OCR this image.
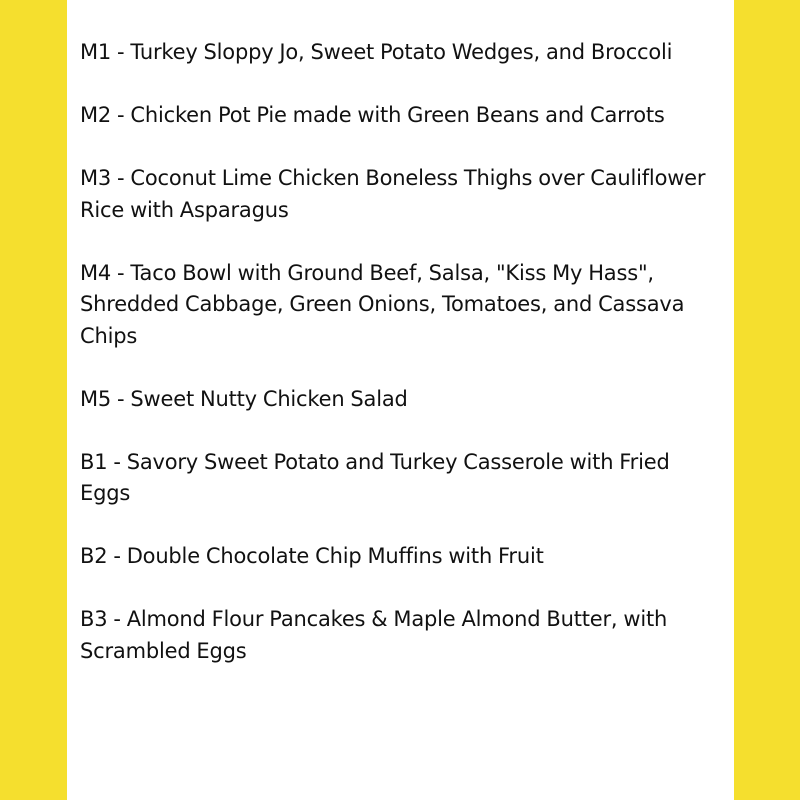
M1 - Turkey Sloppy Jo, Sweet Potato Wedges, and Broccoli
M2 - Chicken Pot Pie made with Green Beans and Carrots
M3 - Coconut Lime Chicken Boneless Thighs over Cauliflower Rice with Asparagus
M4 - Taco Bowl with Ground Beef, Salsa, "Kiss My Hass", Shredded Cabbage, Green Onions, Tomatoes, and Cassava Chips
M5 - Sweet Nutty Chicken Salad
B1 - Savory Sweet Potato and Turkey Casserole with Fried Eggs
B2 - Double Chocolate Chip Muffins with Fruit
B3 - Almond Flour Pancakes & Maple Almond Butter, with Scrambled Eggs
